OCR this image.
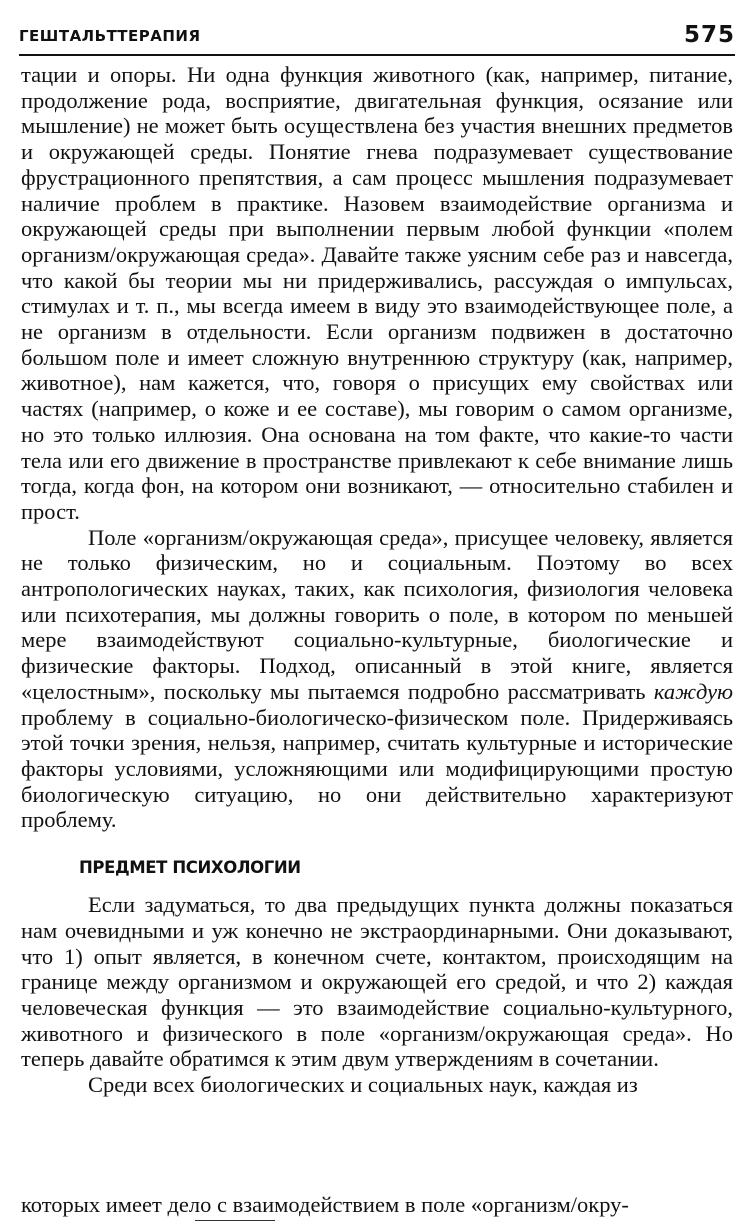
ГЕШТАЛЬТТЕРАПИЯ	575

тации и опоры. Ни одна функция животного (как, например, питание, продолжение рода, восприятие, двигательная функция, осязание или мышление) не может быть осуществлена без участия внешних предметов и окружающей среды. Понятие гнева подразумевает существование фрустрационного препятствия, а сам процесс мышления подразумевает наличие проблем в практике. Назовем взаимодействие организма и окружающей среды при выполнении первым любой функции «полем организм/окружающая среда». Давайте также уясним себе раз и навсегда, что какой бы теории мы ни придерживались, рассуждая о импульсах, стимулах и т. п., мы всегда имеем в виду это взаимодействующее поле, а не организм в отдельности. Если организм подвижен в достаточно большом поле и имеет сложную внутреннюю структуру (как, например, животное), нам кажется, что, говоря о присущих ему свойствах или частях (например, о коже и ее составе), мы говорим о самом организме, но это только иллюзия. Она основана на том факте, что какие-то части тела или его движение в пространстве привлекают к себе внимание лишь тогда, когда фон, на котором они возникают, — относительно стабилен и прост.

Поле «организм/окружающая среда», присущее человеку, является не только физическим, но и социальным. Поэтому во всех антропологических науках, таких, как психология, физиология человека или психотерапия, мы должны говорить о поле, в котором по меньшей мере взаимодействуют социально-культурные, биологические и физические факторы. Подход, описанный в этой книге, является «целостным», поскольку мы пытаемся подробно рассматривать каждую проблему в социально-биологическо-физическом поле. Придерживаясь этой точки зрения, нельзя, например, считать культурные и исторические факторы условиями, усложняющими или модифицирующими простую биологическую ситуацию, но они действительно характеризуют проблему.

ПРЕДМЕТ ПСИХОЛОГИИ

Если задуматься, то два предыдущих пункта должны показаться нам очевидными и уж конечно не экстраординарными. Они доказывают, что 1) опыт является, в конечном счете, контактом, происходящим на границе между организмом и окружающей его средой, и что 2) каждая человеческая функция — это взаимодействие социально-культурного, животного и физического в поле «организм/окружающая среда». Но теперь давайте обратимся к этим двум утверждениям в сочетании.

Среди всех биологических и социальных наук, каждая из

которых имеет дело с взаимодействием в поле «организм/окру-
